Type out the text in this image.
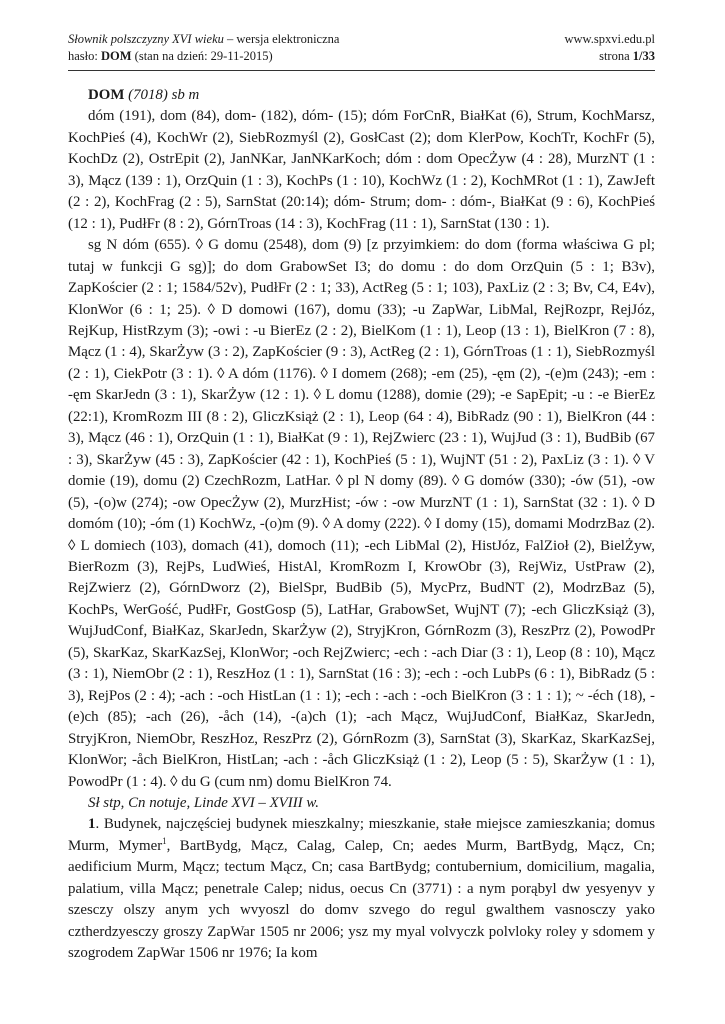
Słownik polszczyzny XVI wieku – wersja elektroniczna
hasło: DOM (stan na dzień: 29-11-2015)
www.spxvi.edu.pl
strona 1/33

DOM (7018) sb m

dóm (191), dom (84), dom- (182), dóm- (15); dóm ForCnR, BiałKat (6), Strum, KochMarsz, KochPieś (4), KochWr (2), SiebRozmyśl (2), GosłCast (2); dom KlerPow, KochTr, KochFr (5), KochDz (2), OstrEpit (2), JanNKar, JanNKarKoch; dóm : dom OpecŻyw (4 : 28), MurzNT (1 : 3), Mącz (139 : 1), OrzQuin (1 : 3), KochPs (1 : 10), KochWz (1 : 2), KochMRot (1 : 1), ZawJeft (2 : 2), KochFrag (2 : 5), SarnStat (20:14); dóm- Strum; dom- : dóm-, BiałKat (9 : 6), KochPieś (12 : 1), PudłFr (8 : 2), GórnTroas (14 : 3), KochFrag (11 : 1), SarnStat (130 : 1).

sg N dóm (655). ◊ G domu (2548), dom (9) [z przyimkiem: do dom (forma właściwa G pl; tutaj w funkcji G sg)]; do dom GrabowSet I3; do domu : do dom OrzQuin (5 : 1; B3v), ZapKościer (2 : 1; 1584/52v), PudłFr (2 : 1; 33), ActReg (5 : 1; 103), PaxLiz (2 : 3; Bv, C4, E4v), KlonWor (6 : 1; 25). ◊ D domowi (167), domu (33); -u ZapWar, LibMal, RejRozpr, RejJóz, RejKup, HistRzym (3); -owi : -u BierEz (2 : 2), BielKom (1 : 1), Leop (13 : 1), BielKron (7 : 8), Mącz (1 : 4), SkarŻyw (3 : 2), ZapKościer (9 : 3), ActReg (2 : 1), GórnTroas (1 : 1), SiebRozmyśl (2 : 1), CiekPotr (3 : 1). ◊ A dóm (1176). ◊ I domem (268); -em (25), -ęm (2), -(e)m (243); -em : -ęm SkarJedn (3 : 1), SkarŻyw (12 : 1). ◊ L domu (1288), domie (29); -e SapEpit; -u : -e BierEz (22:1), KromRozm III (8 : 2), GliczKsiąż (2 : 1), Leop (64 : 4), BibRadz (90 : 1), BielKron (44 : 3), Mącz (46 : 1), OrzQuin (1 : 1), BiałKat (9 : 1), RejZwierc (23 : 1), WujJud (3 : 1), BudBib (67 : 3), SkarŻyw (45 : 3), ZapKościer (42 : 1), KochPieś (5 : 1), WujNT (51 : 2), PaxLiz (3 : 1). ◊ V domie (19), domu (2) CzechRozm, LatHar. ◊ pl N domy (89). ◊ G domów (330); -ów (51), -ow (5), -(o)w (274); -ow OpecŻyw (2), MurzHist; -ów : -ow MurzNT (1 : 1), SarnStat (32 : 1). ◊ D domóm (10); -óm (1) KochWz, -(o)m (9). ◊ A domy (222). ◊ I domy (15), domami ModrzBaz (2). ◊ L domiech (103), domach (41), domoch (11); -ech LibMal (2), HistJóz, FalZioł (2), BielŻyw, BierRozm (3), RejPs, LudWieś, HistAl, KromRozm I, KrowObr (3), RejWiz, UstPraw (2), RejZwierz (2), GórnDworz (2), BielSpr, BudBib (5), MycPrz, BudNT (2), ModrzBaz (5), KochPs, WerGość, PudłFr, GostGosp (5), LatHar, GrabowSet, WujNT (7); -ech GliczKsiąż (3), WujJudConf, BiałKaz, SkarJedn, SkarŻyw (2), StryjKron, GórnRozm (3), ReszPrz (2), PowodPr (5), SkarKaz, SkarKazSej, KlonWor; -och RejZwierc; -ech : -ach Diar (3 : 1), Leop (8 : 10), Mącz (3 : 1), NiemObr (2 : 1), ReszHoz (1 : 1), SarnStat (16 : 3); -ech : -och LubPs (6 : 1), BibRadz (5 : 3), RejPos (2 : 4); -ach : -och HistLan (1 : 1); -ech : -ach : -och BielKron (3 : 1 : 1); ~ -éch (18), -(e)ch (85); -ach (26), -åch (14), -(a)ch (1); -ach Mącz, WujJudConf, BiałKaz, SkarJedn, StryjKron, NiemObr, ReszHoz, ReszPrz (2), GórnRozm (3), SarnStat (3), SkarKaz, SkarKazSej, KlonWor; -åch BielKron, HistLan; -ach : -åch GliczKsiąż (1 : 2), Leop (5 : 5), SkarŻyw (1 : 1), PowodPr (1 : 4). ◊ du G (cum nm) domu BielKron 74.

Sł stp, Cn notuje, Linde XVI – XVIII w.

1. Budynek, najczęściej budynek mieszkalny; mieszkanie, stałe miejsce zamieszkania; domus Murm, Mymer$^1$, BartBydg, Mącz, Calag, Calep, Cn; aedes Murm, BartBydg, Mącz, Cn; aedificium Murm, Mącz; tectum Mącz, Cn; casa BartBydg; contubernium, domicilium, magalia, palatium, villa Mącz; penetrale Calep; nidus, oecus Cn (3771) : a nym porąbyl dw yesyenyv y szesczy olszy anym ych wvyoszl do domv szvego do regul gwalthem vasnosczy yako cztherdzyesczy groszy ZapWar 1505 nr 2006; ysz my myal volvyczk polvloky roley y sdomem y szogrodem ZapWar 1506 nr 1976; Ia kom
